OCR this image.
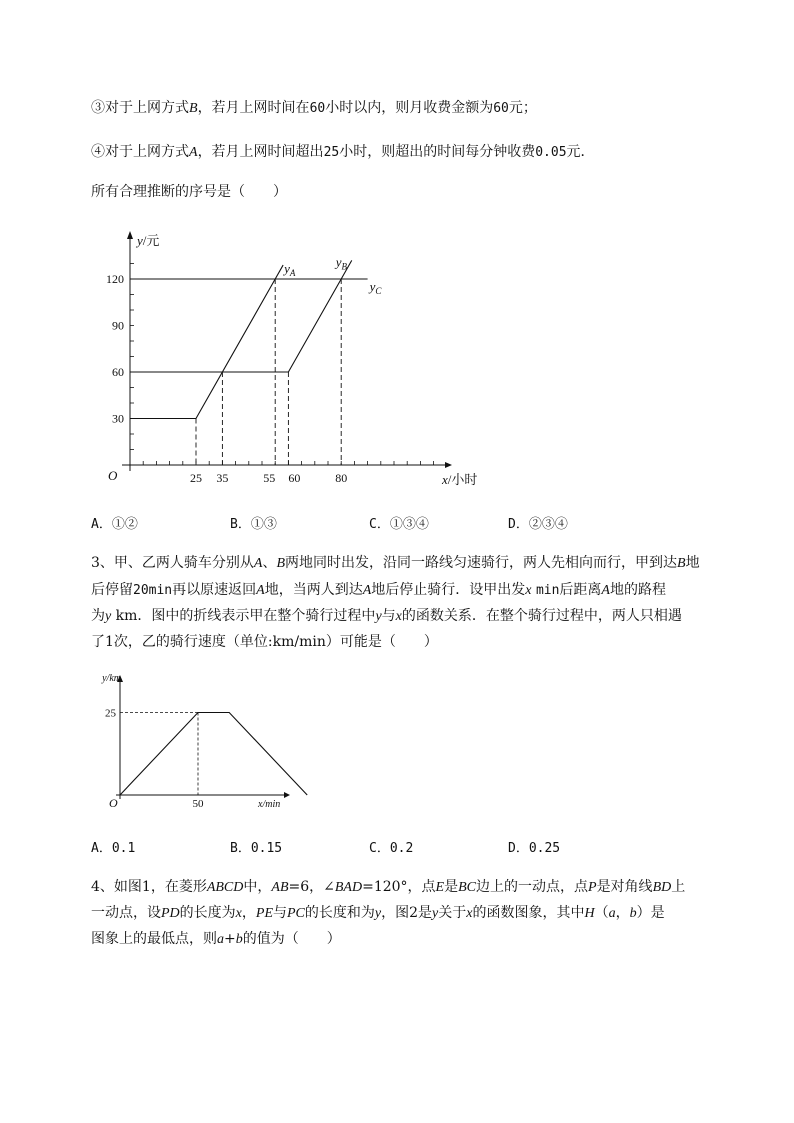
③对于上网方式B，若月上网时间在60小时以内，则月收费金额为60元；
④对于上网方式A，若月上网时间超出25小时，则超出的时间每分钟收费0.05元．
所有合理推断的序号是（　　）
30
60
90
120
25 35	55 60	80
O	x/小时
y/元
$y_A$
$y_B$
$y_C$
A．①②	B．①③	C．①③④	D．②③④
3、甲、乙两人骑车分别从A、B两地同时出发，沿同一路线匀速骑行，两人先相向而行，甲到达B地
后停留20min再以原速返回A地，当两人到达A地后停止骑行．设甲出发x min后距离A地的路程
为y km．图中的折线表示甲在整个骑行过程中y与x的函数关系．在整个骑行过程中，两人只相遇
了1次，乙的骑行速度（单位:km/min）可能是（　　）
y/km
x/min
O
25
50
A．0.1	B．0.15	C．0.2	D．0.25
4、如图1，在菱形ABCD中，AB=6，∠BAD=120°，点E是BC边上的一动点，点P是对角线BD上
一动点，设PD的长度为x，PE与PC的长度和为y，图2是y关于x的函数图象，其中H（a，b）是
图象上的最低点，则a+b的值为（　　）
